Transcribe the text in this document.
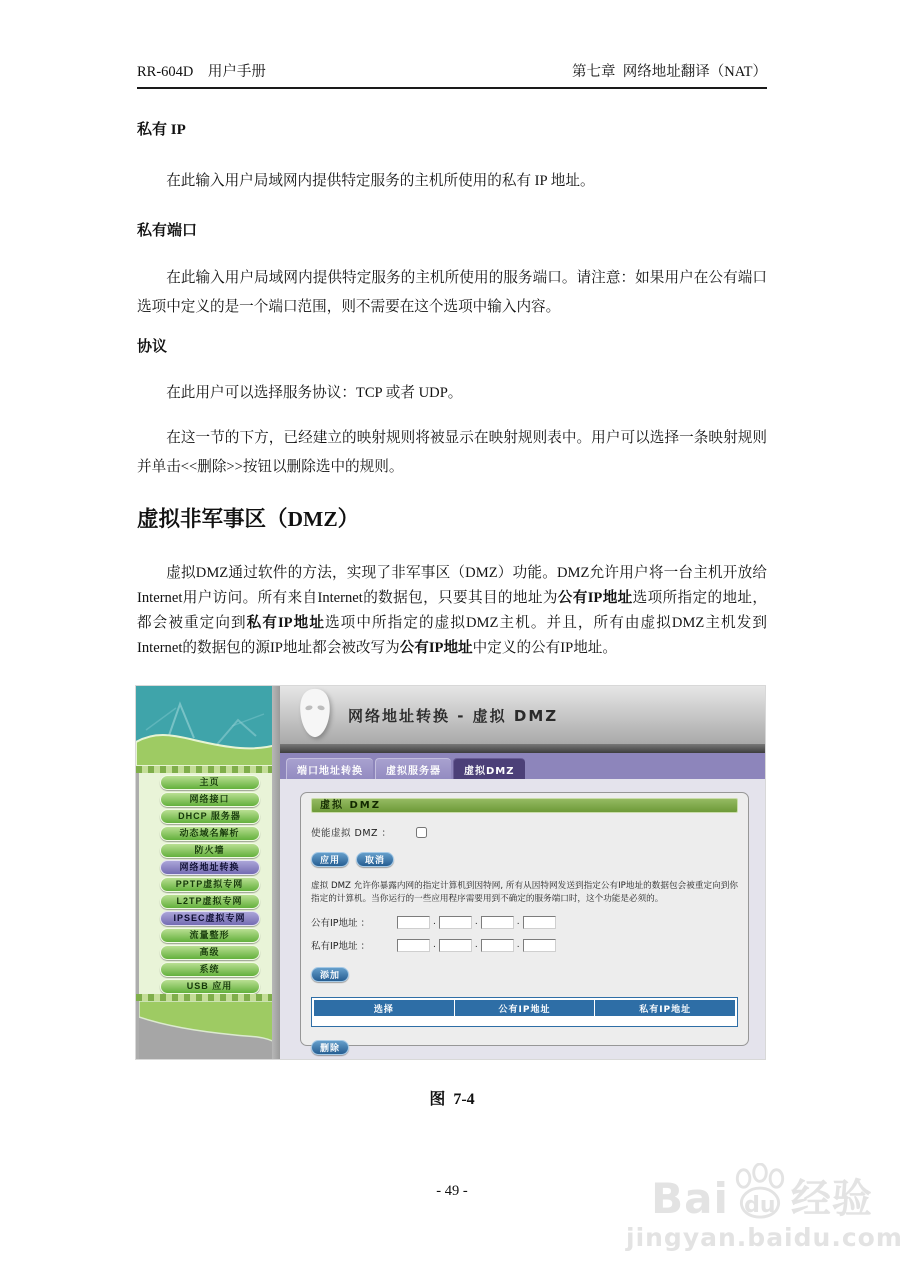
RR-604D    用户手册	第七章  网络地址翻译（NAT）
私有 IP

在此输入用户局域网内提供特定服务的主机所使用的私有 IP 地址。

私有端口

在此输入用户局域网内提供特定服务的主机所使用的服务端口。请注意：如果用户在公有端口选项中定义的是一个端口范围，则不需要在这个选项中输入内容。

协议

在此用户可以选择服务协议：TCP 或者 UDP。

在这一节的下方，已经建立的映射规则将被显示在映射规则表中。用户可以选择一条映射规则并单击<<删除>>按钮以删除选中的规则。

虚拟非军事区（DMZ）

虚拟DMZ通过软件的方法，实现了非军事区（DMZ）功能。DMZ允许用户将一台主机开放给Internet用户访问。所有来自Internet的数据包，只要其目的地址为公有IP地址选项所指定的地址，都会被重定向到私有IP地址选项中所指定的虚拟DMZ主机。并且，所有由虚拟DMZ主机发到Internet的数据包的源IP地址都会被改写为公有IP地址中定义的公有IP地址。

主页
网络接口
DHCP 服务器
动态域名解析
防火墙
网络地址转换
PPTP虚拟专网
L2TP虚拟专网
IPSEC虚拟专网
流量整形
高级
系统
USB 应用
网络地址转换 - 虚拟 DMZ
端口地址转换	虚拟服务器	虚拟DMZ
虚拟 DMZ
使能虚拟 DMZ ：
应用	取消

虚拟 DMZ 允许你暴露内网的指定计算机到因特网, 所有从因特网发送到指定公有IP地址的数据包会被重定向到你指定的计算机。当你运行的一些应用程序需要用到不确定的服务端口时，这个功能是必须的。

公有IP地址 ：	.	.	.
私有IP地址 ：	.	.	.
添加
选择	公有IP地址	私有IP地址
删除
图  7-4
- 49 -	Bai du 经验
jingyan.baidu.com
